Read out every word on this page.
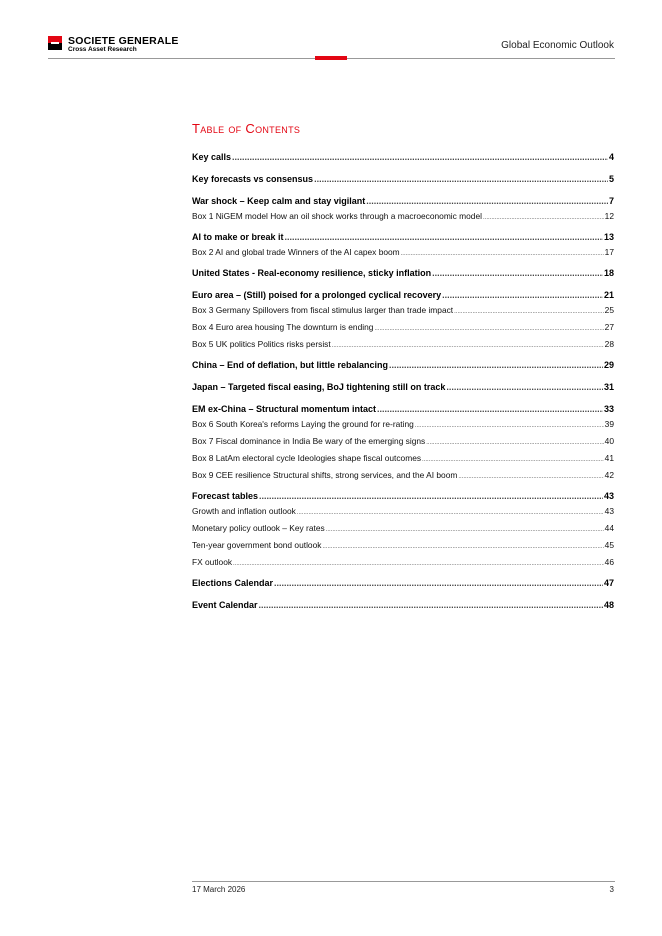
SOCIETE GENERALE
Cross Asset Research	Global Economic Outlook
Table of Contents
Key calls .....	4
Key forecasts vs consensus .....	5
War shock – Keep calm and stay vigilant .....	7
Box 1 NiGEM model How an oil shock works through a macroeconomic model .....	12
AI to make or break it .....	13
Box 2 AI and global trade Winners of the AI capex boom .....	17
United States - Real-economy resilience, sticky inflation .....	18
Euro area – (Still) poised for a prolonged cyclical recovery .....	21
Box 3 Germany Spillovers from fiscal stimulus larger than trade impact .....	25
Box 4 Euro area housing The downturn is ending .....	27
Box 5 UK politics Politics risks persist .....	28
China – End of deflation, but little rebalancing .....	29
Japan – Targeted fiscal easing, BoJ tightening still on track .....	31
EM ex-China – Structural momentum intact .....	33
Box 6 South Korea's reforms Laying the ground for re-rating .....	39
Box 7 Fiscal dominance in India Be wary of the emerging signs .....	40
Box 8 LatAm electoral cycle Ideologies shape fiscal outcomes .....	41
Box 9 CEE resilience Structural shifts, strong services, and the AI boom .....	42
Forecast tables .....	43
Growth and inflation outlook .....	43
Monetary policy outlook – Key rates .....	44
Ten-year government bond outlook .....	45
FX outlook .....	46
Elections Calendar .....	47
Event Calendar .....	48
17 March 2026	3
